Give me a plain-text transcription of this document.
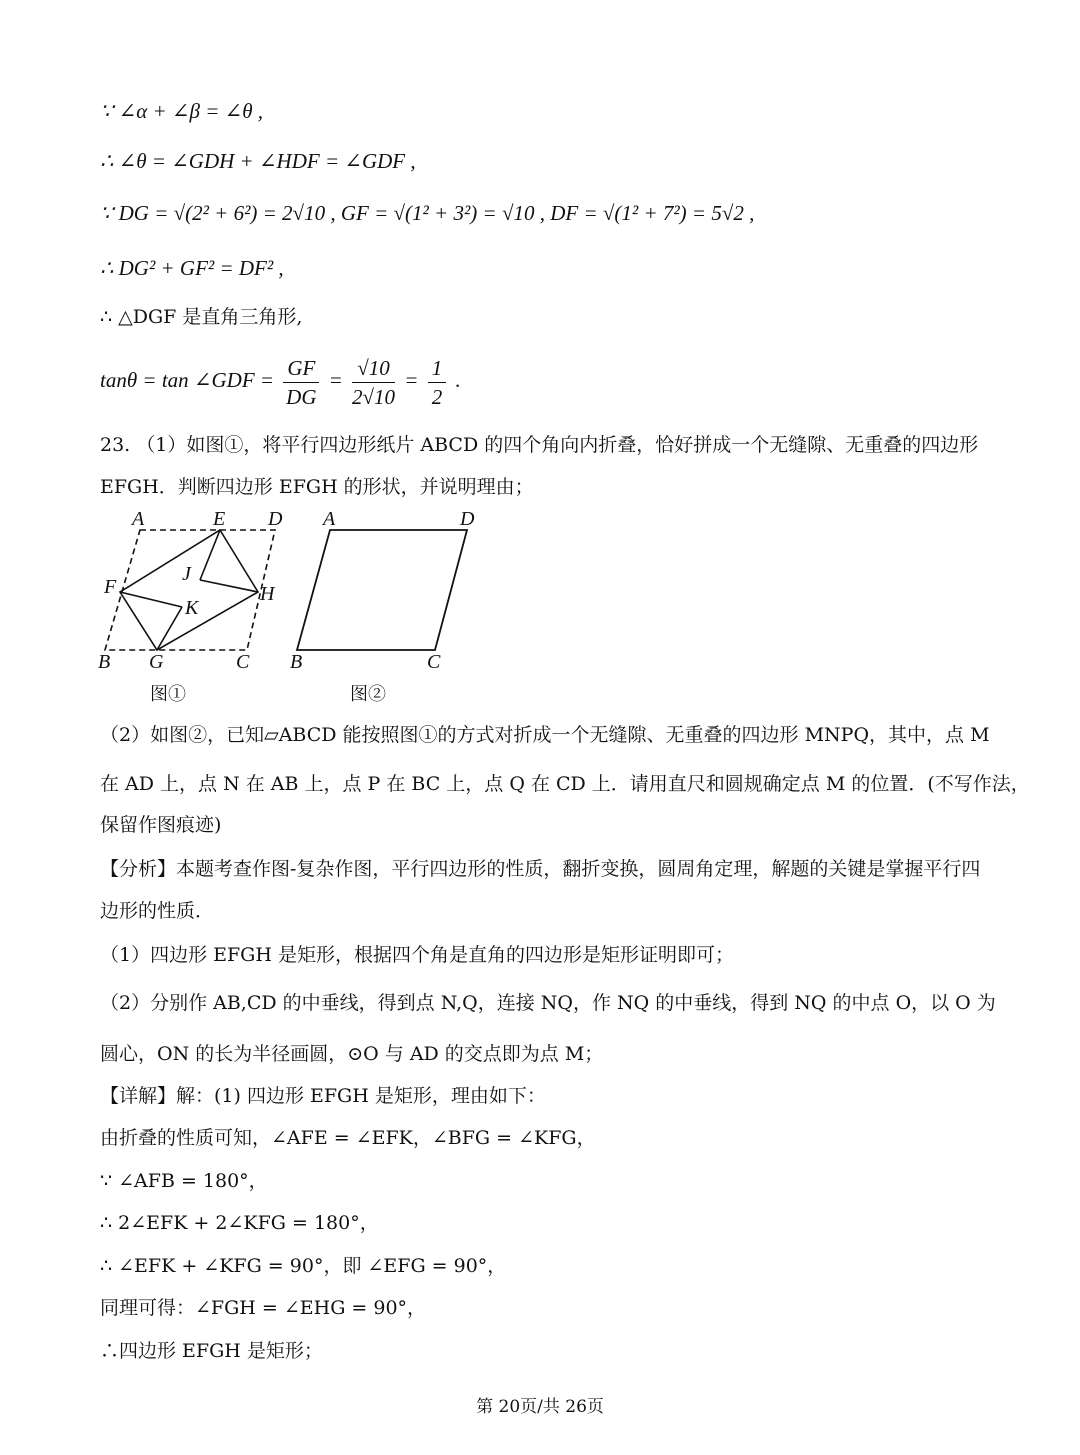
∵ ∠α + ∠β = ∠θ ,
∴ ∠θ = ∠GDH + ∠HDF = ∠GDF ,
∵ DG = √(2² + 6²) = 2√10 , GF = √(1² + 3²) = √10 , DF = √(1² + 7²) = 5√2 ,
∴ DG² + GF² = DF² ,
∴ △DGF 是直角三角形,
tanθ = tan ∠GDF = $\frac{GF}{DG} = \frac{√10}{2√10} = \frac{1}{2}$ .
23. （1）如图①，将平行四边形纸片 ABCD 的四个角向内折叠，恰好拼成一个无缝隙、无重叠的四边形
EFGH．判断四边形 EFGH 的形状，并说明理由；
A	E D
F
J
K
H
B G	C
图①
A	D
B	C
图②
（2）如图②，已知▱ABCD 能按照图①的方式对折成一个无缝隙、无重叠的四边形 MNPQ，其中，点 M
在 AD 上，点 N 在 AB 上，点 P 在 BC 上，点 Q 在 CD 上．请用直尺和圆规确定点 M 的位置．(不写作法，
保留作图痕迹)
【分析】本题考查作图-复杂作图，平行四边形的性质，翻折变换，圆周角定理，解题的关键是掌握平行四
边形的性质．
（1）四边形 EFGH 是矩形，根据四个角是直角的四边形是矩形证明即可；
（2）分别作 AB,CD 的中垂线，得到点 N,Q，连接 NQ，作 NQ 的中垂线，得到 NQ 的中点 O，以 O 为
圆心，ON 的长为半径画圆，⊙O 与 AD 的交点即为点 M；
【详解】解：(1) 四边形 EFGH 是矩形，理由如下：
由折叠的性质可知，∠AFE = ∠EFK，∠BFG = ∠KFG，
∵ ∠AFB = 180°，
∴ 2∠EFK + 2∠KFG = 180°，
∴ ∠EFK + ∠KFG = 90°，即 ∠EFG = 90°，
同理可得：∠FGH = ∠EHG = 90°，
∴四边形 EFGH 是矩形；
第 20页/共 26页
